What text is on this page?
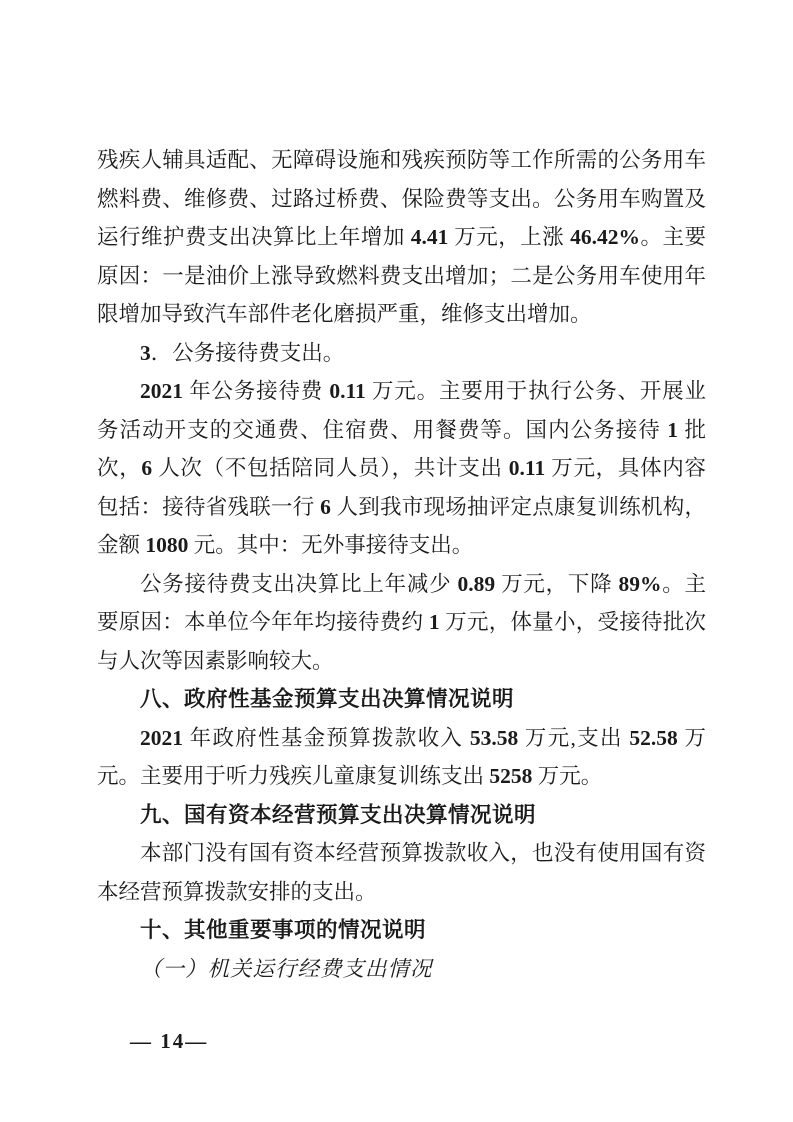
残疾人辅具适配、无障碍设施和残疾预防等工作所需的公务用车燃料费、维修费、过路过桥费、保险费等支出。公务用车购置及运行维护费支出决算比上年增加 4.41 万元，上涨 46.42%。主要原因：一是油价上涨导致燃料费支出增加；二是公务用车使用年限增加导致汽车部件老化磨损严重，维修支出增加。

3．公务接待费支出。

2021 年公务接待费 0.11 万元。主要用于执行公务、开展业务活动开支的交通费、住宿费、用餐费等。国内公务接待 1 批次，6 人次（不包括陪同人员），共计支出 0.11 万元，具体内容包括：接待省残联一行 6 人到我市现场抽评定点康复训练机构，金额 1080 元。其中：无外事接待支出。

公务接待费支出决算比上年减少 0.89 万元，下降 89%。主要原因：本单位今年年均接待费约 1 万元，体量小，受接待批次与人次等因素影响较大。

八、政府性基金预算支出决算情况说明

2021 年政府性基金预算拨款收入 53.58 万元,支出 52.58 万元。主要用于听力残疾儿童康复训练支出 5258 万元。

九、国有资本经营预算支出决算情况说明

本部门没有国有资本经营预算拨款收入，也没有使用国有资本经营预算拨款安排的支出。

十、其他重要事项的情况说明

（一）机关运行经费支出情况

— 14—
